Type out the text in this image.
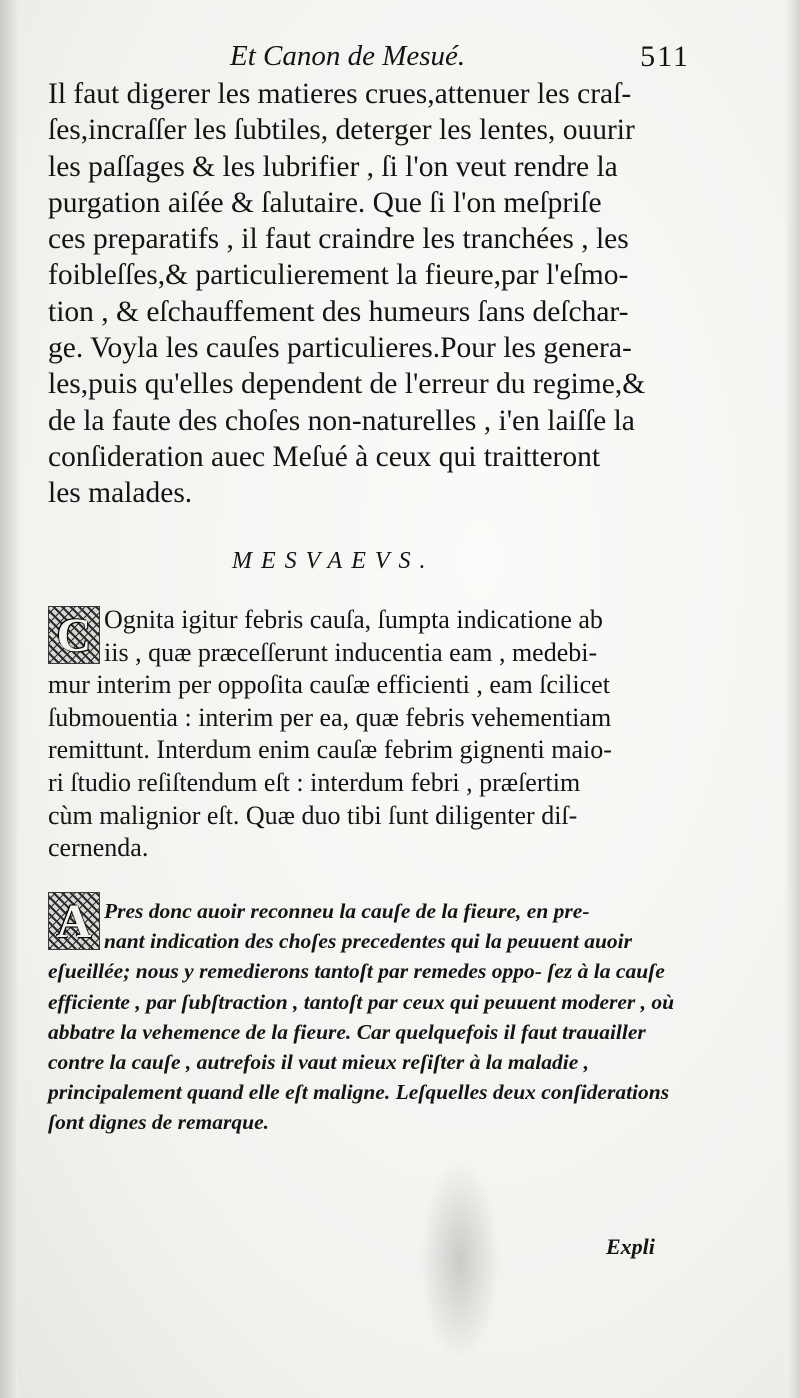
Et Canon de Mesué.	511
Il faut digerer les matieres crues,attenuer les craſ-
ſes,incraſſer les ſubtiles, deterger les lentes, ouurir
les paſſages & les lubrifier , ſi l'on veut rendre la
purgation aiſée & ſalutaire. Que ſi l'on meſpriſe
ces preparatifs , il faut craindre les tranchées , les
foibleſſes,& particulierement la fieure,par l'eſmo-
tion , & eſchauffement des humeurs ſans deſchar-
ge. Voyla les cauſes particulieres.Pour les genera-
les,puis qu'elles dependent de l'erreur du regime,&
de la faute des choſes non-naturelles , i'en laiſſe la
conſideration auec Meſué à ceux qui traitteront
les malades.
MESVAEVS.
C Ognita igitur febris cauſa, ſumpta indicatione ab
iis , quæ præceſſerunt inducentia eam , medebi-
mur interim per oppoſita cauſæ efficienti , eam ſcilicet
ſubmouentia : interim per ea, quæ febris vehementiam
remittunt. Interdum enim cauſæ febrim gignenti maio-
ri ſtudio reſiſtendum eſt : interdum febri , præſertim
cùm malignior eſt. Quæ duo tibi ſunt diligenter diſ-
cernenda.
A Pres donc auoir reconneu la cauſe de la fieure, en pre- nant indication des choſes precedentes qui la peuuent auoir eſueillée; nous y remedierons tantoſt par remedes oppo- ſez à la cauſe efficiente , par ſubſtraction , tantoſt par ceux qui peuuent moderer , où abbatre la vehemence de la fieure. Car quelquefois il faut trauailler contre la cauſe , autrefois il vaut mieux reſiſter à la maladie , principalement quand elle eſt maligne. Leſquelles deux conſiderations ſont dignes de remarque.
Expli
